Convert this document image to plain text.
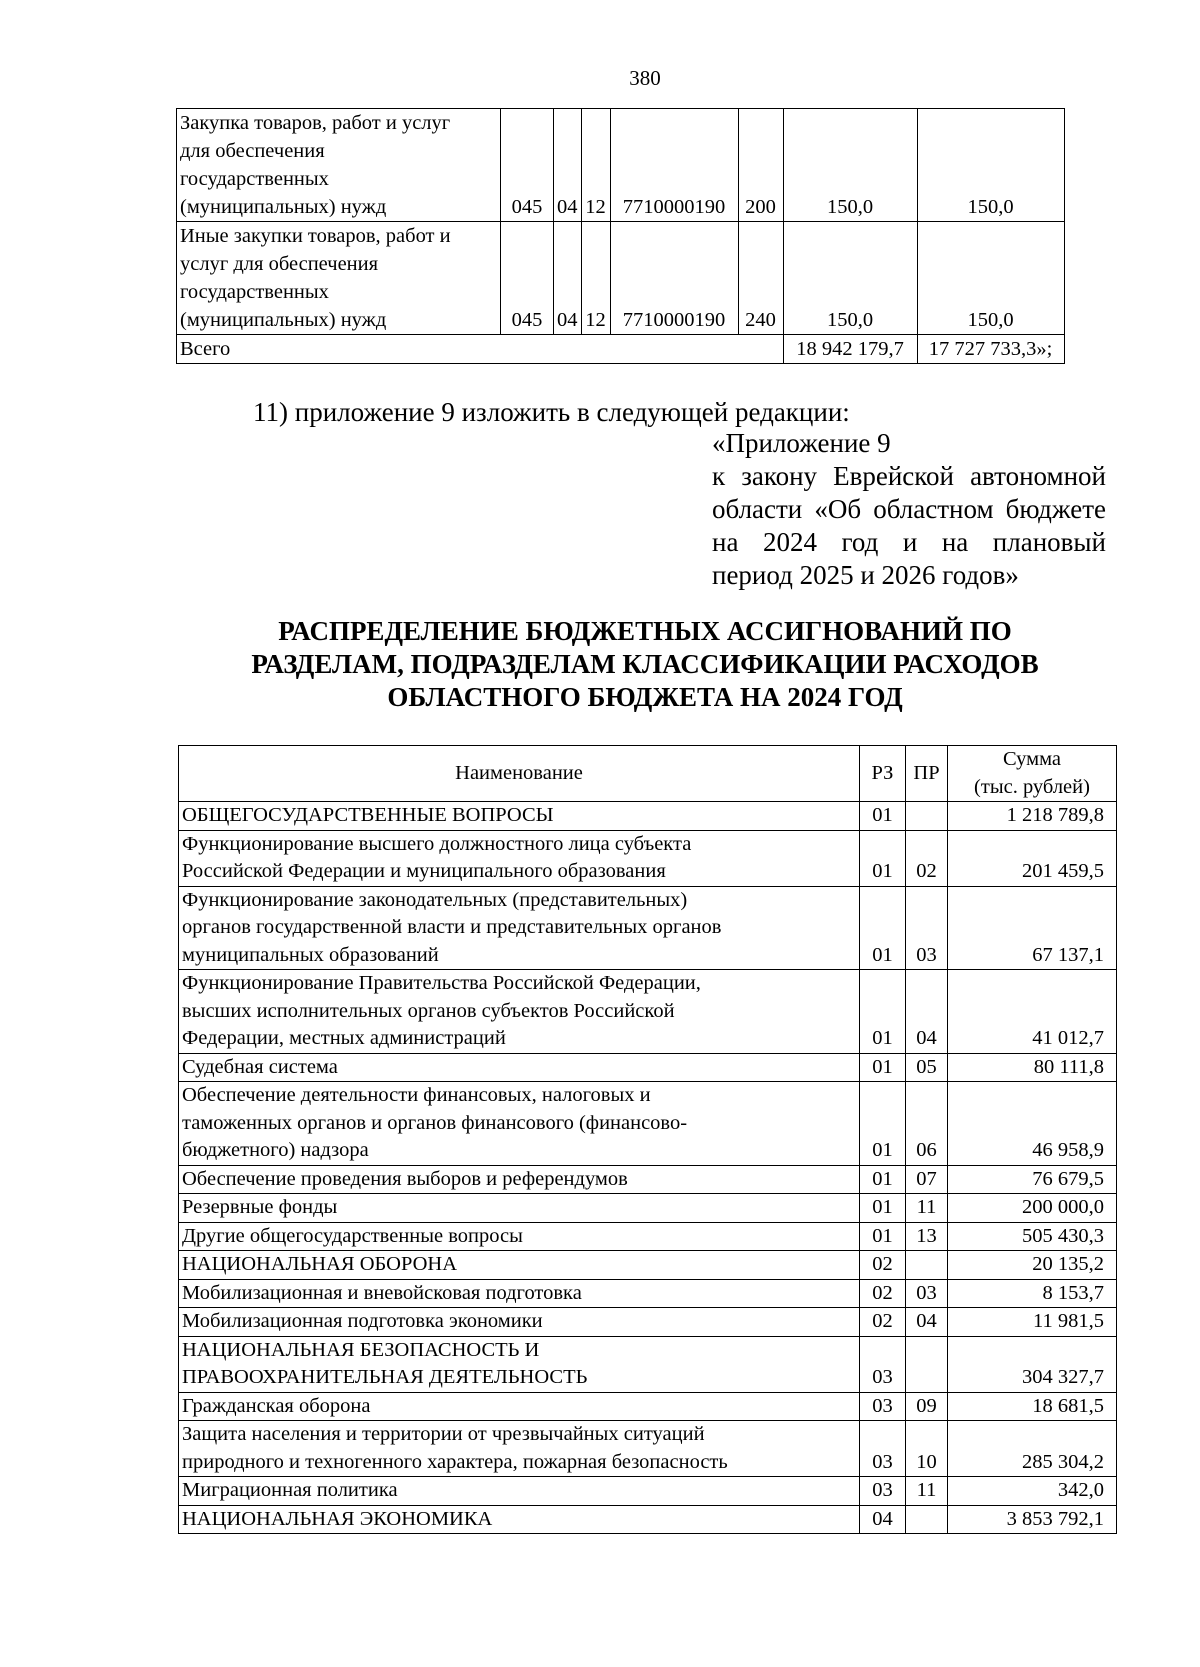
380
Закупка товаров, работ и услуг
для обеспечения
государственных
(муниципальных) нужд	045	04	12	7710000190	200	150,0	150,0

Иные закупки товаров, работ и
услуг для обеспечения
государственных
(муниципальных) нужд	045	04	12	7710000190	240	150,0	150,0
Всего						18 942 179,7	17 727 733,3»;
11) приложение 9 изложить в следующей редакции:
«Приложение 9
к закону Еврейской автономной
области «Об областном бюджете
на 2024 год и на плановый
период 2025 и 2026 годов»
РАСПРЕДЕЛЕНИЕ БЮДЖЕТНЫХ АССИГНОВАНИЙ ПО
РАЗДЕЛАМ, ПОДРАЗДЕЛАМ КЛАССИФИКАЦИИ РАСХОДОВ
ОБЛАСТНОГО БЮДЖЕТА НА 2024 ГОД
Наименование	РЗ	ПР	Сумма
(тыс. рублей)

ОБЩЕГОСУДАРСТВЕННЫЕ ВОПРОСЫ	01		1 218 789,8

Функционирование высшего должностного лица субъекта
Российской Федерации и муниципального образования	01	02	201 459,5

Функционирование законодательных (представительных)
органов государственной власти и представительных органов
муниципальных образований	01	03	67 137,1

Функционирование Правительства Российской Федерации,
высших исполнительных органов субъектов Российской
Федерации, местных администраций	01	04	41 012,7

Судебная система	01	05	80 111,8

Обеспечение деятельности финансовых, налоговых и
таможенных органов и органов финансового (финансово-
бюджетного) надзора	01	06	46 958,9

Обеспечение проведения выборов и референдумов	01	07	76 679,5

Резервные фонды	01	11	200 000,0

Другие общегосударственные вопросы	01	13	505 430,3

НАЦИОНАЛЬНАЯ ОБОРОНА	02		20 135,2

Мобилизационная и вневойсковая подготовка	02	03	8 153,7

Мобилизационная подготовка экономики	02	04	11 981,5

НАЦИОНАЛЬНАЯ БЕЗОПАСНОСТЬ И
ПРАВООХРАНИТЕЛЬНАЯ ДЕЯТЕЛЬНОСТЬ	03		304 327,7

Гражданская оборона	03	09	18 681,5

Защита населения и территории от чрезвычайных ситуаций
природного и техногенного характера, пожарная безопасность	03	10	285 304,2

Миграционная политика	03	11	342,0

НАЦИОНАЛЬНАЯ ЭКОНОМИКА	04		3 853 792,1
